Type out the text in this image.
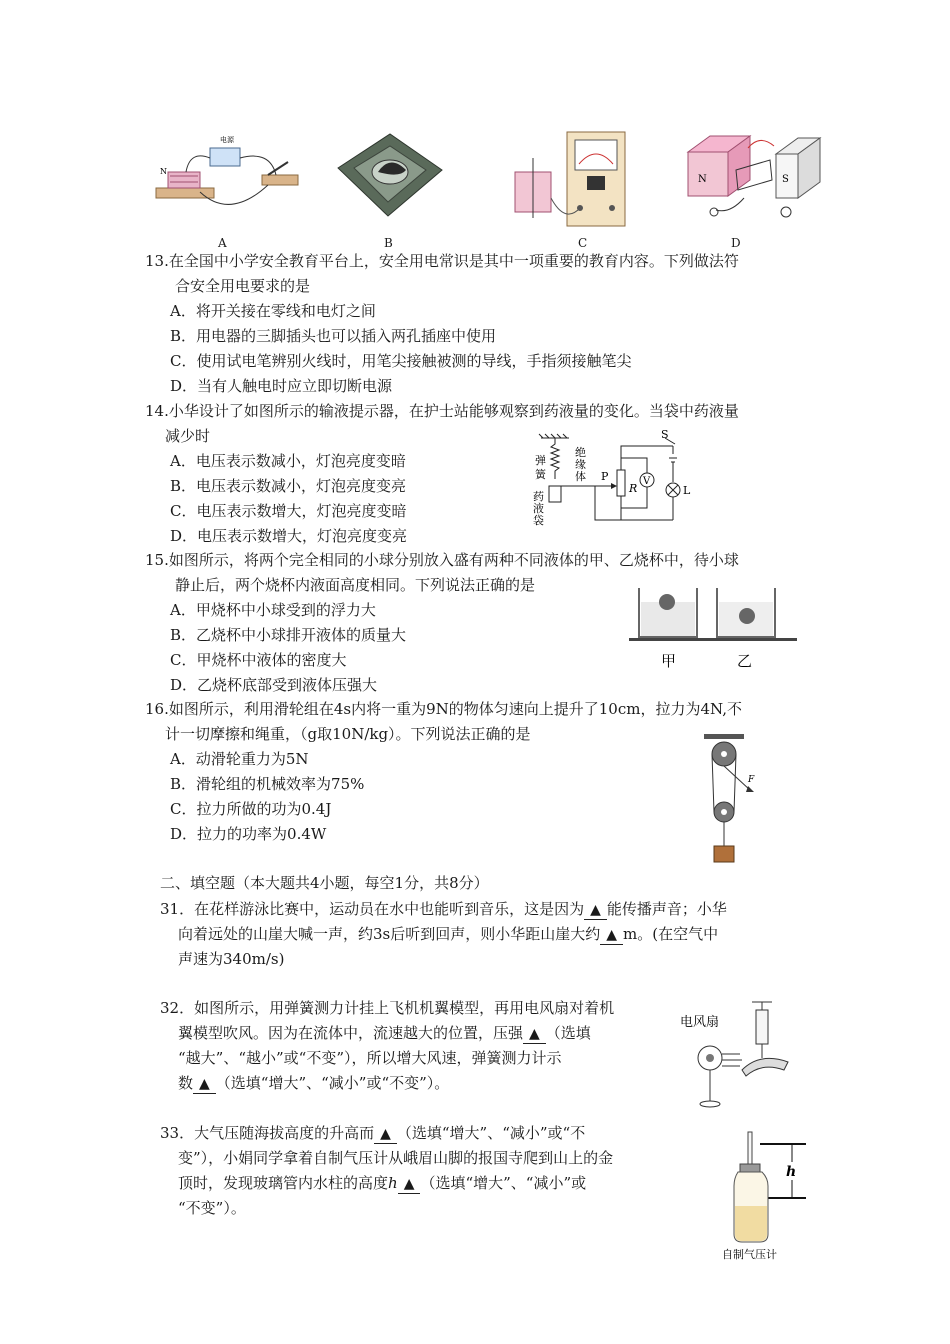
N
电源
N	S
A	B	C	D
13.在全国中小学安全教育平台上，安全用电常识是其中一项重要的教育内容。下列做法符
合安全用电要求的是
A．将开关接在零线和电灯之间
B．用电器的三脚插头也可以插入两孔插座中使用
C．使用试电笔辨别火线时，用笔尖接触被测的导线，手指须接触笔尖
D．当有人触电时应立即切断电源
14.小华设计了如图所示的输液提示器，在护士站能够观察到药液量的变化。当袋中药液量
减少时
A．电压表示数减小，灯泡亮度变暗
B．电压表示数减小，灯泡亮度变亮
C．电压表示数增大，灯泡亮度变暗
D．电压表示数增大，灯泡亮度变亮
弹
簧
药
液
袋
绝
缘
体 P
R
V
S
L
15.如图所示，将两个完全相同的小球分别放入盛有两种不同液体的甲、乙烧杯中，待小球
静止后，两个烧杯内液面高度相同。下列说法正确的是
A．甲烧杯中小球受到的浮力大
B．乙烧杯中小球排开液体的质量大
C．甲烧杯中液体的密度大
D．乙烧杯底部受到液体压强大
甲	乙
16.如图所示，利用滑轮组在4s内将一重为9N的物体匀速向上提升了10cm，拉力为4N,不
计一切摩擦和绳重，（g取10N/kg）。下列说法正确的是
A．动滑轮重力为5N
B．滑轮组的机械效率为75%
C．拉力所做的功为0.4J
D．拉力的功率为0.4W
F
二、填空题（本大题共4小题，每空1分，共8分）
31．在花样游泳比赛中，运动员在水中也能听到音乐，这是因为 ▲ 能传播声音；小华
向着远处的山崖大喊一声，约3s后听到回声，则小华距山崖大约 ▲ m。(在空气中
声速为340m/s)
32．如图所示，用弹簧测力计挂上飞机机翼模型，再用电风扇对着机
翼模型吹风。因为在流体中，流速越大的位置，压强 ▲ （选填
“越大”、“越小”或“不变”），所以增大风速，弹簧测力计示
数 ▲ （选填“增大”、“减小”或“不变”）。
电风扇
33．大气压随海拔高度的升高而 ▲ （选填“增大”、“减小”或“不
变”），小娟同学拿着自制气压计从峨眉山脚的报国寺爬到山上的金
顶时，发现玻璃管内水柱的高度h ▲ （选填“增大”、“减小”或
“不变”）。
h
自制气压计
